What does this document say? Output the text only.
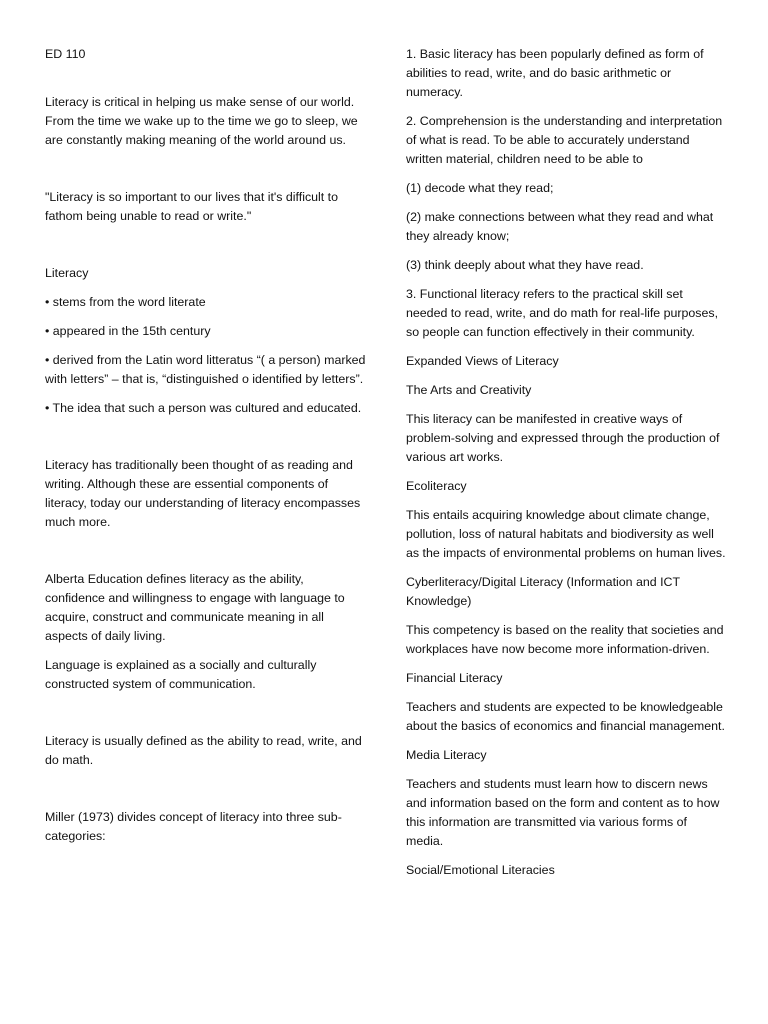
ED 110

Literacy is critical in helping us make sense of our world. From the time we wake up to the time we go to sleep, we are constantly making meaning of the world around us.

"Literacy is so important to our lives that it's difficult to fathom being unable to read or write."

Literacy

• stems from the word literate

• appeared in the 15th century

• derived from the Latin word litteratus “( a person) marked with letters” – that is, “distinguished o identified by letters”.

• The idea that such a person was cultured and educated.

Literacy has traditionally been thought of as reading and writing. Although these are essential components of literacy, today our understanding of literacy encompasses much more.

Alberta Education defines literacy as the ability, confidence and willingness to engage with language to acquire, construct and communicate meaning in all aspects of daily living.

Language is explained as a socially and culturally constructed system of communication.

Literacy is usually defined as the ability to read, write, and do math.

Miller (1973) divides concept of literacy into three sub-categories:

1. Basic literacy has been popularly defined as form of abilities to read, write, and do basic arithmetic or numeracy.

2. Comprehension is the understanding and interpretation of what is read. To be able to accurately understand written material, children need to be able to

(1) decode what they read;

(2) make connections between what they read and what they already know;

(3) think deeply about what they have read.

3. Functional literacy refers to the practical skill set needed to read, write, and do math for real-life purposes, so people can function effectively in their community.

Expanded Views of Literacy

The Arts and Creativity

This literacy can be manifested in creative ways of problem-solving and expressed through the production of various art works.

Ecoliteracy

This entails acquiring knowledge about climate change, pollution, loss of natural habitats and biodiversity as well as the impacts of environmental problems on human lives.

Cyberliteracy/Digital Literacy (Information and ICT Knowledge)

This competency is based on the reality that societies and workplaces have now become more information-driven.

Financial Literacy

Teachers and students are expected to be knowledgeable about the basics of economics and financial management.

Media Literacy

Teachers and students must learn how to discern news and information based on the form and content as to how this information are transmitted via various forms of media.

Social/Emotional Literacies
